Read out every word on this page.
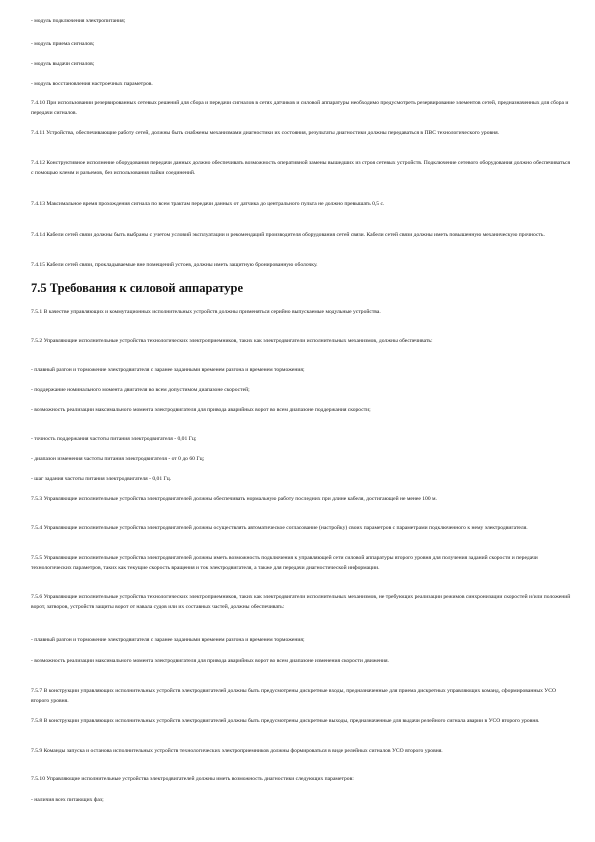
- модуль подключения электропитания;
- модуль приема сигналов;
- модуль выдачи сигналов;
- модуль восстановления настроечных параметров.
7.4.10 При использовании резервированных сетевых решений для сбора и передачи сигналов в сетях датчиков и силовой аппаратуры необходимо предусмотреть резервирование элементов сетей, предназначенных для сбора и передачи сигналов.
7.4.11 Устройства, обеспечивающие работу сетей, должны быть снабжены механизмами диагностики их состояния, результаты диагностики должны передаваться в ПВС технологического уровня.
7.4.12 Конструктивное исполнение оборудования передачи данных должно обеспечивать возможность оперативной замены вышедших из строя сетевых устройств. Подключение сетевого оборудования должно обеспечиваться с помощью клемм и разъемов, без использования пайки соединений.
7.4.13 Максимальное время прохождения сигнала по всем трактам передачи данных от датчика до центрального пульта не должно превышать 0,5 с.
7.4.14 Кабели сетей связи должны быть выбраны с учетом условий эксплуатации и рекомендаций производителя оборудования сетей связи. Кабели сетей связи должны иметь повышенную механическую прочность.
7.4.15 Кабели сетей связи, прокладываемые вне помещений устоев, должны иметь защитную бронированную оболочку.
7.5 Требования к силовой аппаратуре
7.5.1 В качестве управляющих и коммутационных исполнительных устройств должны применяться серийно выпускаемые модульные устройства.
7.5.2 Управляющие исполнительные устройства технологических электроприемников, таких как электродвигатели исполнительных механизмов, должны обеспечивать:
- плавный разгон и торможение электродвигателя с заранее заданными временем разгона и временем торможения;
- поддержание номинального момента двигателя во всем допустимом диапазоне скоростей;
- возможность реализации максимального момента электродвигателя для привода аварийных ворот во всем диапазоне поддержания скорости;
- точность поддержания частоты питания электродвигателя - 0,01 Гц;
- диапазон изменения частоты питания электродвигателя - от 0 до 60 Гц;
- шаг задания частоты питания электродвигателя - 0,01 Гц.
7.5.3 Управляющие исполнительные устройства электродвигателей должны обеспечивать нормальную работу последних при длине кабеля, достигающей не менее 100 м.
7.5.4 Управляющие исполнительные устройства электродвигателей должны осуществлять автоматическое согласование (настройку) своих параметров с параметрами подключенного к нему электродвигателя.
7.5.5 Управляющие исполнительные устройства электродвигателей должны иметь возможность подключения к управляющей сети силовой аппаратуры второго уровня для получения заданий скорости и передачи технологических параметров, таких как текущие скорость вращения и ток электродвигателя, а также для передачи диагностической информации.
7.5.6 Управляющие исполнительные устройства технологических электроприемников, таких как электродвигатели исполнительных механизмов, не требующих реализации режимов синхронизации скоростей и/или положений ворот, затворов, устройств защиты ворот от навала судов или их составных частей, должны обеспечивать:
- плавный разгон и торможение электродвигателя с заранее заданными временем разгона и временем торможения;
- возможность реализации максимального момента электродвигателя для привода аварийных ворот во всем диапазоне изменения скорости движения.
7.5.7 В конструкции управляющих исполнительных устройств электродвигателей должны быть предусмотрены дискретные входы, предназначенные для приема дискретных управляющих команд, сформированных УСО второго уровня.
7.5.8 В конструкции управляющих исполнительных устройств электродвигателей должны быть предусмотрены дискретные выходы, предназначенные для выдачи релейного сигнала аварии в УСО второго уровня.
7.5.9 Команды запуска и останова исполнительных устройств технологических электроприемников должны формироваться в виде релейных сигналов УСО второго уровня.
7.5.10 Управляющие исполнительные устройства электродвигателей должны иметь возможность диагностики следующих параметров:
- наличия всех питающих фаз;
